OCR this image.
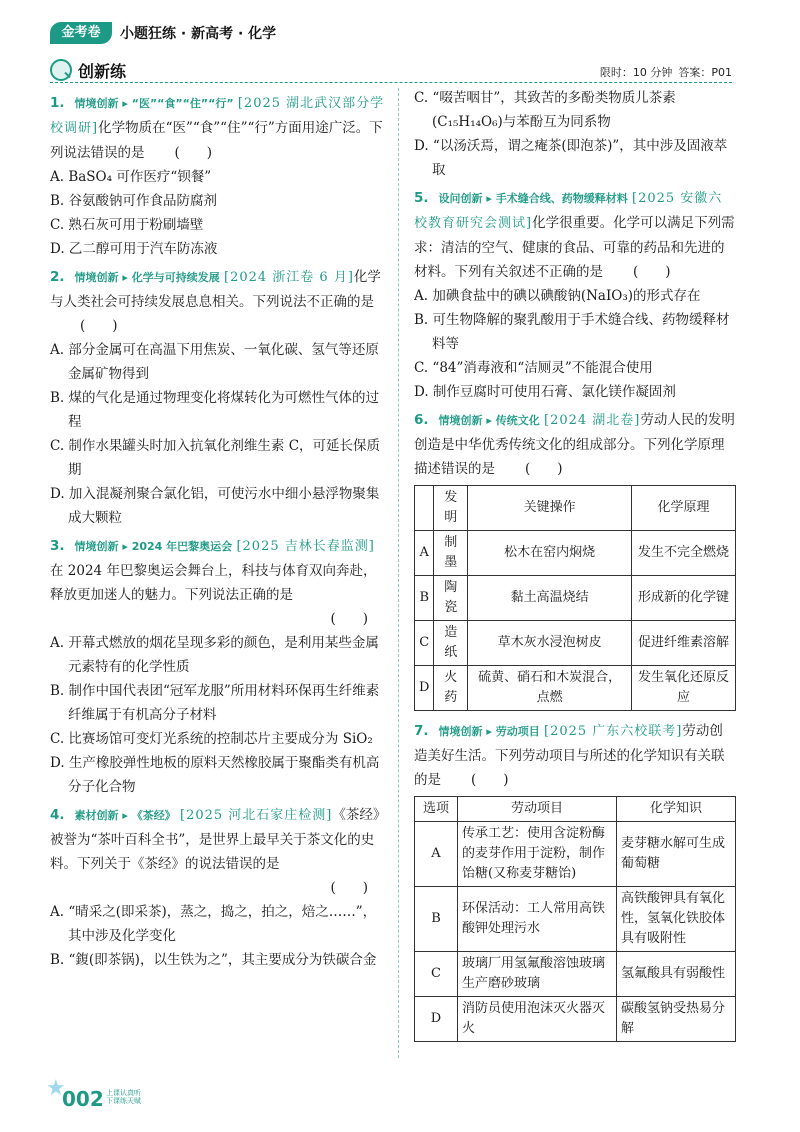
金考卷	小题狂练 · 新高考 · 化学
创新练	限时：10 分钟 答案：P01
1. 情境创新 ▸ “医”“食”“住”“行” [2025 湖北武汉部分学校调研]化学物质在“医”“食”“住”“行”方面用途广泛。下列说法错误的是 (　　)
A. BaSO₄ 可作医疗“钡餐”
B. 谷氨酸钠可作食品防腐剂
C. 熟石灰可用于粉刷墙壁
D. 乙二醇可用于汽车防冻液
2. 情境创新 ▸ 化学与可持续发展 [2024 浙江卷 6 月]化学与人类社会可持续发展息息相关。下列说法不正确的是(　　)
A. 部分金属可在高温下用焦炭、一氧化碳、氢气等还原金属矿物得到
B. 煤的气化是通过物理变化将煤转化为可燃性气体的过程
C. 制作水果罐头时加入抗氧化剂维生素 C，可延长保质期
D. 加入混凝剂聚合氯化铝，可使污水中细小悬浮物聚集成大颗粒
3. 情境创新 ▸ 2024 年巴黎奥运会 [2025 吉林长春监测]在 2024 年巴黎奥运会舞台上，科技与体育双向奔赴，释放更加迷人的魅力。下列说法正确的是
(　　)
A. 开幕式燃放的烟花呈现多彩的颜色，是利用某些金属元素特有的化学性质
B. 制作中国代表团“冠军龙服”所用材料环保再生纤维素纤维属于有机高分子材料
C. 比赛场馆可变灯光系统的控制芯片主要成分为 SiO₂
D. 生产橡胶弹性地板的原料天然橡胶属于聚酯类有机高分子化合物
4. 素材创新 ▸ 《茶经》 [2025 河北石家庄检测]《茶经》被誉为“茶叶百科全书”，是世界上最早关于茶文化的史料。下列关于《茶经》的说法错误的是
(　　)
A. “晴采之(即采茶)，蒸之，捣之，拍之，焙之……”，其中涉及化学变化
B. “鍑(即茶锅)，以生铁为之”，其主要成分为铁碳合金
C. “啜苦咽甘”，其致苦的多酚类物质儿茶素(C₁₅H₁₄O₆)与苯酚互为同系物
D. “以汤沃焉，谓之痷茶(即泡茶)”，其中涉及固液萃取
5. 设问创新 ▸ 手术缝合线、药物缓释材料 [2025 安徽六校教育研究会测试]化学很重要。化学可以满足下列需求：清洁的空气、健康的食品、可靠的药品和先进的材料。下列有关叙述不正确的是 (　　)
A. 加碘食盐中的碘以碘酸钠(NaIO₃)的形式存在
B. 可生物降解的聚乳酸用于手术缝合线、药物缓释材料等
C. “84”消毒液和“洁厕灵”不能混合使用
D. 制作豆腐时可使用石膏、氯化镁作凝固剂
6. 情境创新 ▸ 传统文化 [2024 湖北卷]劳动人民的发明创造是中华优秀传统文化的组成部分。下列化学原理描述错误的是 (　　)
	发明	关键操作	化学原理
A	制墨	松木在窑内焖烧	发生不完全燃烧
B	陶瓷	黏土高温烧结	形成新的化学键
C	造纸	草木灰水浸泡树皮	促进纤维素溶解
D	火药	硫黄、硝石和木炭混合，点燃	发生氧化还原反应
7. 情境创新 ▸ 劳动项目 [2025 广东六校联考]劳动创造美好生活。下列劳动项目与所述的化学知识有关联的是 (　　)
选项	劳动项目	化学知识
A	传承工艺：使用含淀粉酶的麦芽作用于淀粉，制作饴糖(又称麦芽糖饴)	麦芽糖水解可生成葡萄糖
B	环保活动：工人常用高铁酸钾处理污水	高铁酸钾具有氧化性，氢氧化铁胶体具有吸附性
C	玻璃厂用氢氟酸溶蚀玻璃生产磨砂玻璃	氢氟酸具有弱酸性
D	消防员使用泡沫灭火器灭火	碳酸氢钠受热易分解
★
002 上课认真听
下课练天赋
